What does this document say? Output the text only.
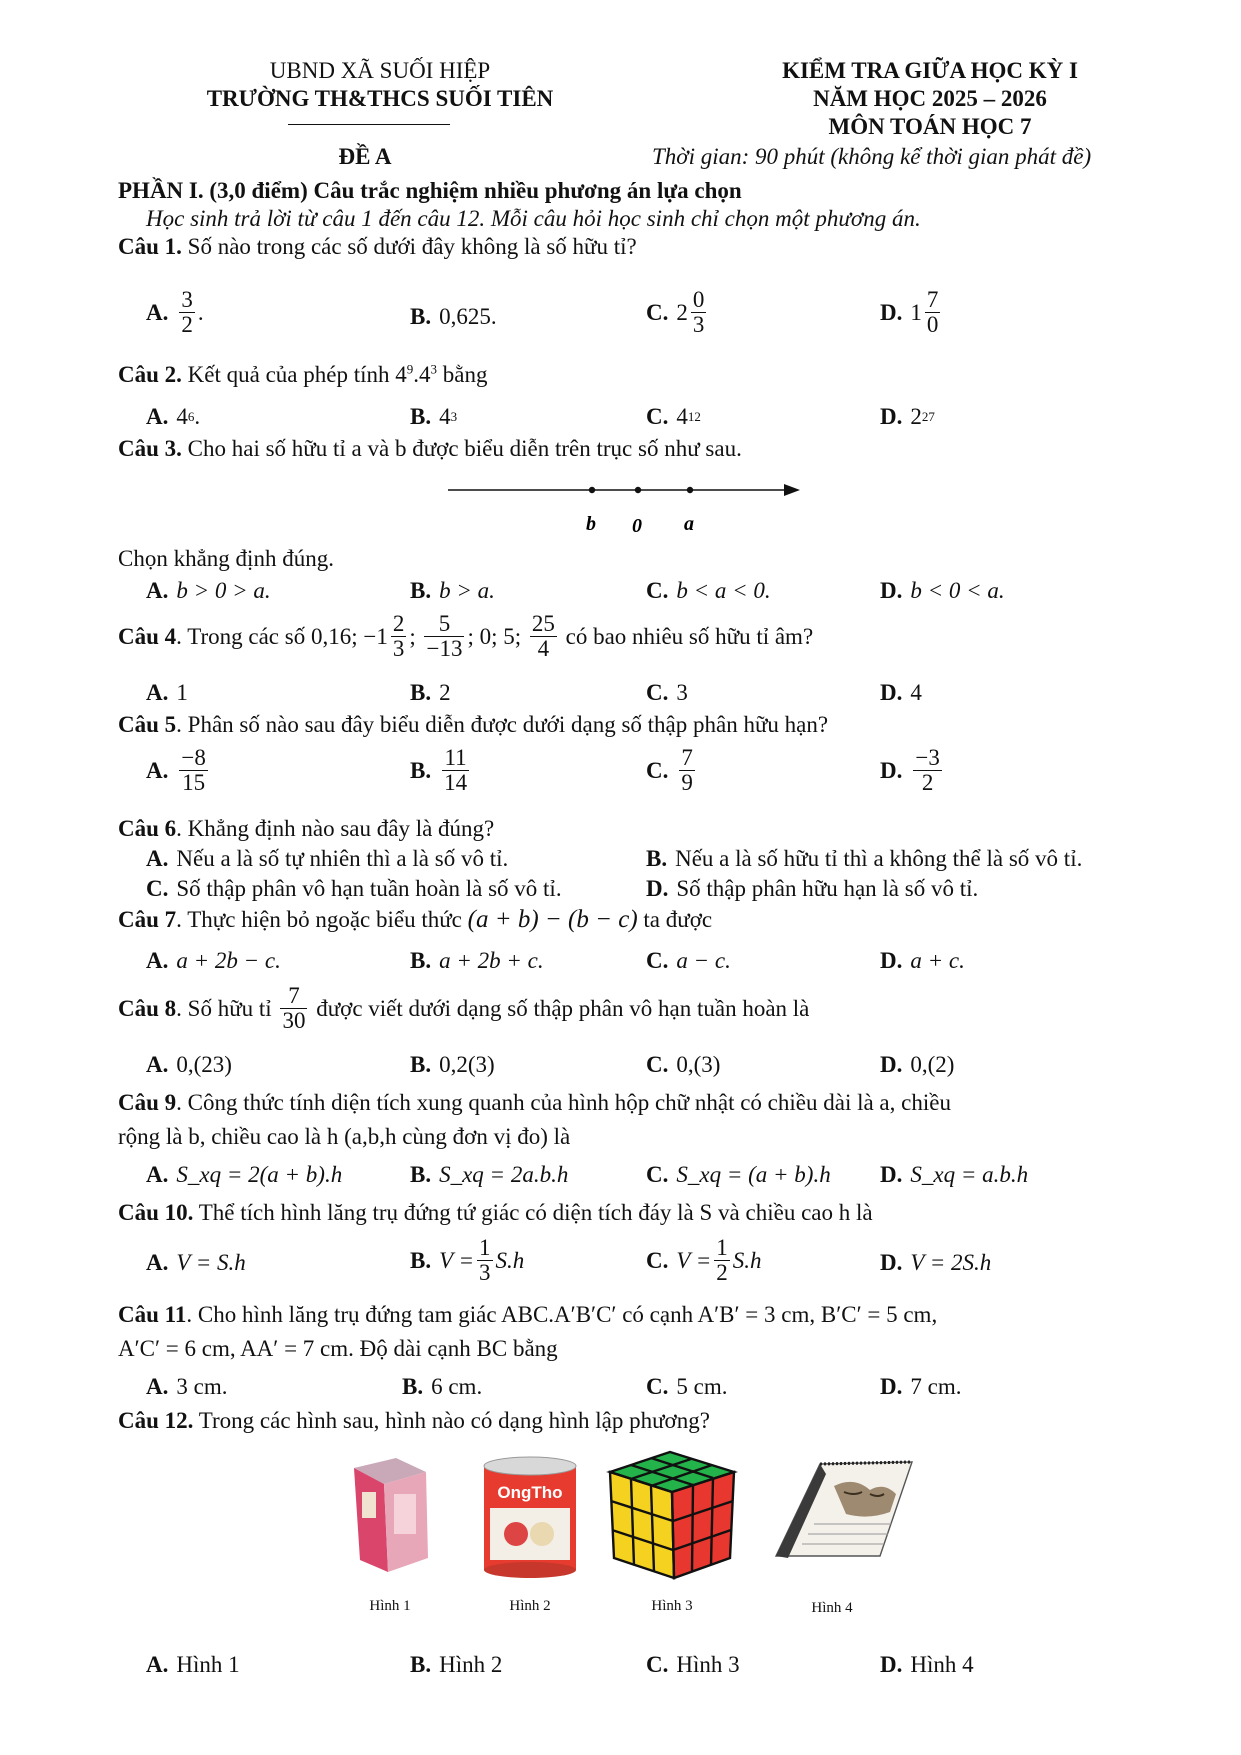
UBND XÃ SUỐI HIỆP
TRƯỜNG TH&THCS SUỐI TIÊN
KIỂM TRA GIỮA HỌC KỲ I
NĂM HỌC 2025 – 2026
MÔN TOÁN HỌC 7
ĐỀ A	Thời gian: 90 phút (không kể thời gian phát đề)
PHẦN I. (3,0 điểm) Câu trắc nghiệm nhiều phương án lựa chọn
Học sinh trả lời từ câu 1 đến câu 12. Mỗi câu hỏi học sinh chỉ chọn một phương án.
Câu 1. Số nào trong các số dưới đây không là số hữu tỉ?
A. $\frac{3}{2}$ .	B. 0,625.	C. $2 \frac{0}{3}$	D. $1 \frac{7}{0}$
Câu 2. Kết quả của phép tính $4^9.4^3$ bằng
A. 4 6 .	B. 4 3	C. 4 12	D. 2 27
Câu 3. Cho hai số hữu tỉ a và b được biểu diễn trên trục số như sau.
b 0 a
Chọn khẳng định đúng.
A. b > 0 > a.	B. b > a.	C. b < a < 0.	D. b < 0 < a.
Câu 4 . Trong các số 0,16;
$-1 \frac{2}{3}$ ; $\frac{5}{-13}$ ; 0; 5;
$\frac{25}{4}$
có bao nhiêu số hữu tỉ âm?
A. 1	B. 2	C. 3	D. 4
Câu 5. Phân số nào sau đây biểu diễn được dưới dạng số thập phân hữu hạn?
A. $\frac{-8}{15}$	B. $\frac{11}{14}$	C. $\frac{7}{9}$	D. $\frac{-3}{2}$
Câu 6. Khẳng định nào sau đây là đúng?
A. Nếu a là số tự nhiên thì a là số vô tỉ.	B. Nếu a là số hữu tỉ thì a không thể là số vô tỉ.
C. Số thập phân vô hạn tuần hoàn là số vô tỉ.	D. Số thập phân hữu hạn là số vô tỉ.
Câu 7. Thực hiện bỏ ngoặc biểu thức (a + b) − (b − c) ta được
A. a + 2b − c.	B. a + 2b + c.	C. a − c.	D. a + c.
Câu 8 . Số hữu tỉ
$\frac{7}{30}$
được viết dưới dạng số thập phân vô hạn tuần hoàn là
A. 0,(23)	B. 0,2(3)	C. 0,(3)	D. 0,(2)
Câu 9. Công thức tính diện tích xung quanh của hình hộp chữ nhật có chiều dài là a, chiều
rộng là b, chiều cao là h (a,b,h cùng đơn vị đo) là
A. S_xq = 2(a + b).h	B. S_xq = 2a.b.h	C. S_xq = (a + b).h D. S_xq = a.b.h
Câu 10. Thể tích hình lăng trụ đứng tứ giác có diện tích đáy là S và chiều cao h là
A. V = S.h	B. $V = \frac{1}{3} S.h$	C. $V = \frac{1}{2} S.h$	D. V = 2S.h
Câu 11. Cho hình lăng trụ đứng tam giác ABC.A′B′C′ có cạnh A′B′ = 3 cm, B′C′ = 5 cm,
A′C′ = 6 cm, AA′ = 7 cm. Độ dài cạnh BC bằng
A. 3 cm.	B. 6 cm.	C. 5 cm.	D. 7 cm.
Câu 12. Trong các hình sau, hình nào có dạng hình lập phương?
OngTho
Hình 1	Hình 2	Hình 3	Hình 4
A. Hình 1	B. Hình 2	C. Hình 3	D. Hình 4
